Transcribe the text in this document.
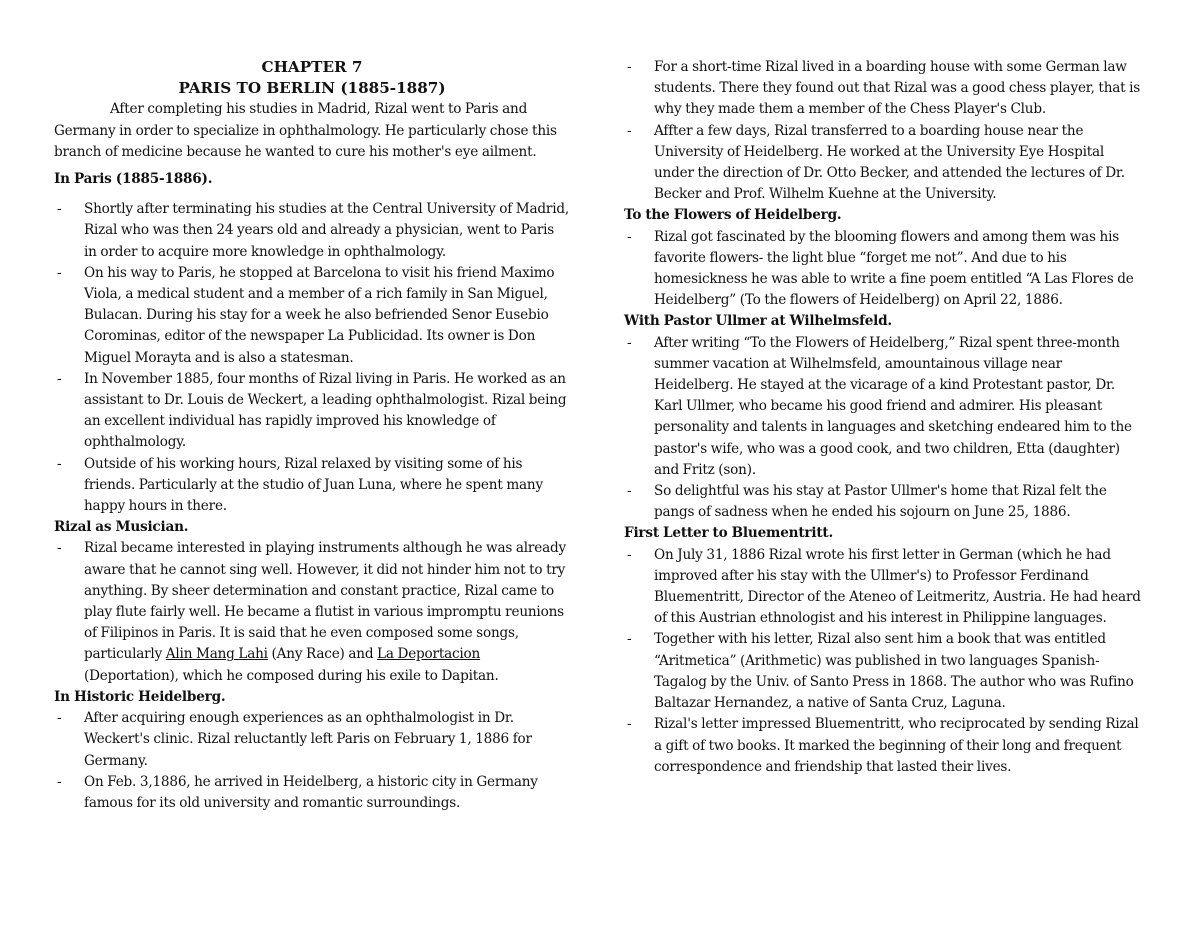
CHAPTER 7
PARIS TO BERLIN (1885-1887)

After completing his studies in Madrid, Rizal went to Paris and Germany in order to specialize in ophthalmology. He particularly chose this branch of medicine because he wanted to cure his mother's eye ailment.

In Paris (1885-1886).
- Shortly after terminating his studies at the Central University of Madrid, Rizal who was then 24 years old and already a physician, went to Paris in order to acquire more knowledge in ophthalmology.
- On his way to Paris, he stopped at Barcelona to visit his friend Maximo Viola, a medical student and a member of a rich family in San Miguel, Bulacan. During his stay for a week he also befriended Senor Eusebio Corominas, editor of the newspaper La Publicidad. Its owner is Don Miguel Morayta and is also a statesman.
- In November 1885, four months of Rizal living in Paris. He worked as an assistant to Dr. Louis de Weckert, a leading ophthalmologist. Rizal being an excellent individual has rapidly improved his knowledge of ophthalmology.
- Outside of his working hours, Rizal relaxed by visiting some of his friends. Particularly at the studio of Juan Luna, where he spent many happy hours in there.
Rizal as Musician.
- Rizal became interested in playing instruments although he was already aware that he cannot sing well. However, it did not hinder him not to try anything. By sheer determination and constant practice, Rizal came to play flute fairly well. He became a flutist in various impromptu reunions of Filipinos in Paris. It is said that he even composed some songs, particularly Alin Mang Lahi (Any Race) and La Deportacion (Deportation), which he composed during his exile to Dapitan.
In Historic Heidelberg.
- After acquiring enough experiences as an ophthalmologist in Dr. Weckert's clinic. Rizal reluctantly left Paris on February 1, 1886 for Germany.
- On Feb. 3,1886, he arrived in Heidelberg, a historic city in Germany famous for its old university and romantic surroundings.
- For a short-time Rizal lived in a boarding house with some German law students. There they found out that Rizal was a good chess player, that is why they made them a member of the Chess Player's Club.
- Affter a few days, Rizal transferred to a boarding house near the University of Heidelberg. He worked at the University Eye Hospital under the direction of Dr. Otto Becker, and attended the lectures of Dr. Becker and Prof. Wilhelm Kuehne at the University.
To the Flowers of Heidelberg.
- Rizal got fascinated by the blooming flowers and among them was his favorite flowers- the light blue “forget me not”. And due to his homesickness he was able to write a fine poem entitled “A Las Flores de Heidelberg” (To the flowers of Heidelberg) on April 22, 1886.
With Pastor Ullmer at Wilhelmsfeld.
- After writing “To the Flowers of Heidelberg,” Rizal spent three-month summer vacation at Wilhelmsfeld, amountainous village near Heidelberg. He stayed at the vicarage of a kind Protestant pastor, Dr. Karl Ullmer, who became his good friend and admirer. His pleasant personality and talents in languages and sketching endeared him to the pastor's wife, who was a good cook, and two children, Etta (daughter) and Fritz (son).
- So delightful was his stay at Pastor Ullmer's home that Rizal felt the pangs of sadness when he ended his sojourn on June 25, 1886.
First Letter to Bluementritt.
- On July 31, 1886 Rizal wrote his first letter in German (which he had improved after his stay with the Ullmer's) to Professor Ferdinand Bluementritt, Director of the Ateneo of Leitmeritz, Austria. He had heard of this Austrian ethnologist and his interest in Philippine languages.
- Together with his letter, Rizal also sent him a book that was entitled “Aritmetica” (Arithmetic) was published in two languages Spanish-Tagalog by the Univ. of Santo Press in 1868. The author who was Rufino Baltazar Hernandez, a native of Santa Cruz, Laguna.
- Rizal's letter impressed Bluementritt, who reciprocated by sending Rizal a gift of two books. It marked the beginning of their long and frequent correspondence and friendship that lasted their lives.
